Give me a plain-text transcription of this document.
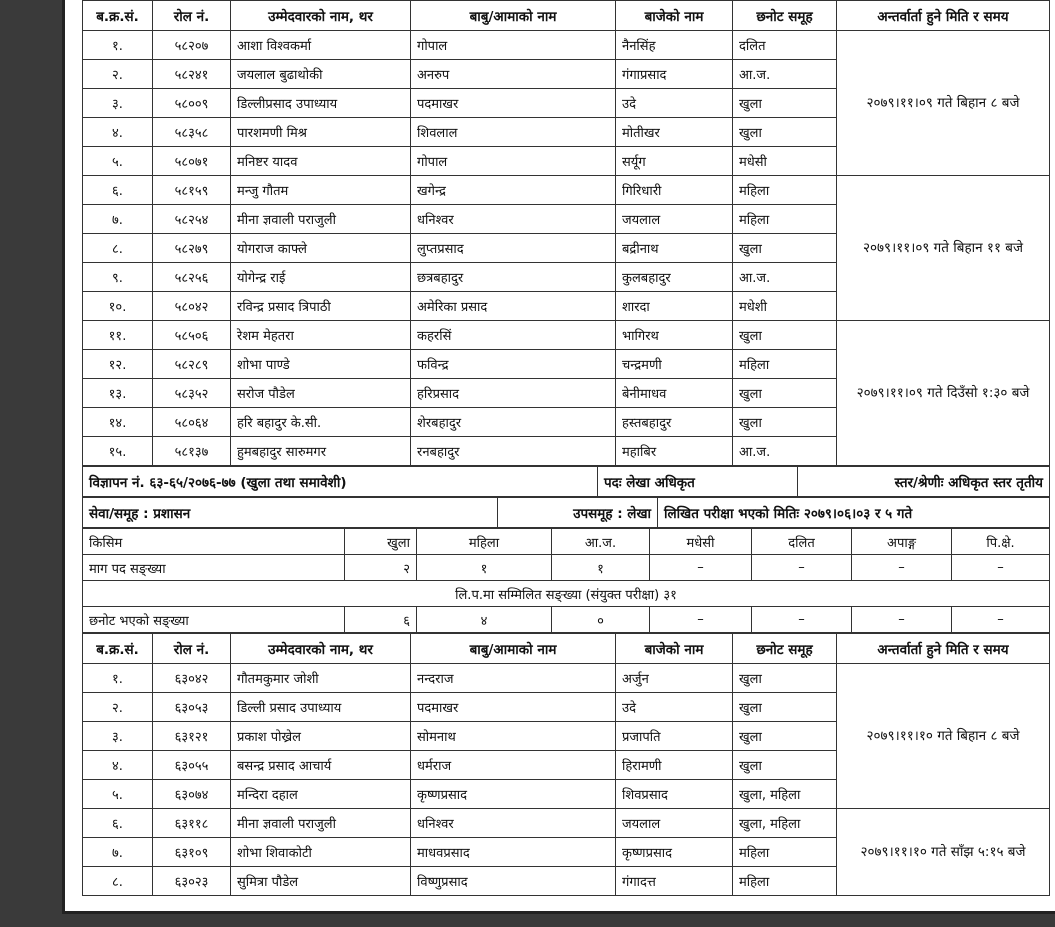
ब.क्र.सं.	रोल नं.	उम्मेदवारको नाम, थर	बाबु/आमाको नाम	बाजेको नाम	छनोट समूह	अन्तर्वार्ता हुने मिति र समय
१.	५८२०७	आशा विश्वकर्मा	गोपाल	नैनसिंह	दलित	२०७९।११।०९ गते बिहान ८ बजे
२.	५८२४१	जयलाल बुढाथोकी	अनरुप	गंगाप्रसाद	आ.ज.	
३.	५८००९	डिल्लीप्रसाद उपाध्याय	पदमाखर	उदे	खुला	
४.	५८३५८	पारशमणी मिश्र	शिवलाल	मोतीखर	खुला	
५.	५८०७१	मनिष्टर यादव	गोपाल	सर्यूग	मधेसी	
६.	५८१५९	मन्जु गौतम	खगेन्द्र	गिरिधारी	महिला	२०७९।११।०९ गते बिहान ११ बजे
७.	५८२५४	मीना ज्ञवाली पराजुली	धनिश्वर	जयलाल	महिला	
८.	५८२७९	योगराज काफ्ले	लुप्तप्रसाद	बद्रीनाथ	खुला	
९.	५८२५६	योगेन्द्र राई	छत्रबहादुर	कुलबहादुर	आ.ज.	
१०.	५८०४२	रविन्द्र प्रसाद त्रिपाठी	अमेरिका प्रसाद	शारदा	मधेशी	
११.	५८५०६	रेशम मेहतरा	कहरसिं	भागिरथ	खुला	२०७९।११।०९ गते दिउँसो १:३० बजे
१२.	५८२८९	शोभा पाण्डे	फविन्द्र	चन्द्रमणी	महिला	
१३.	५८३५२	सरोज पौडेल	हरिप्रसाद	बेनीमाधव	खुला	
१४.	५८०६४	हरि बहादुर के.सी.	शेरबहादुर	हस्तबहादुर	खुला	
१५.	५८१३७	हुमबहादुर सारुमगर	रनबहादुर	महाबिर	आ.ज.	
विज्ञापन नं. ६३-६५/२०७६-७७ (खुला तथा समावेशी)	पदः लेखा अधिकृत	स्तर/श्रेणीः अधिकृत स्तर तृतीय
सेवा/समूह : प्रशासन	उपसमूह : लेखा	लिखित परीक्षा भएको मितिः २०७९।०६।०३ र ५ गते
किसिम	खुला	महिला	आ.ज.	मधेसी	दलित	अपाङ्ग	पि.क्षे.
माग पद सङ्ख्या	२	१	१	–	–	–	–
लि.प.मा सम्मिलित सङ्ख्या (संयुक्त परीक्षा) ३१							
छनोट भएको सङ्ख्या	६	४	०	–	–	–	–
ब.क्र.सं.	रोल नं.	उम्मेदवारको नाम, थर	बाबु/आमाको नाम	बाजेको नाम	छनोट समूह	अन्तर्वार्ता हुने मिति र समय
१.	६३०४२	गौतमकुमार जोशी	नन्दराज	अर्जुन	खुला	२०७९।११।१० गते बिहान ८ बजे
२.	६३०५३	डिल्ली प्रसाद उपाध्याय	पदमाखर	उदे	खुला	
३.	६३१२१	प्रकाश पोख्रेल	सोमनाथ	प्रजापति	खुला	
४.	६३०५५	बसन्द्र प्रसाद आचार्य	धर्मराज	हिरामणी	खुला	
५.	६३०७४	मन्दिरा दहाल	कृष्णप्रसाद	शिवप्रसाद	खुला, महिला	
६.	६३११८	मीना ज्ञवाली पराजुली	धनिश्वर	जयलाल	खुला, महिला	२०७९।११।१० गते साँझ ५:१५ बजे
७.	६३१०९	शोभा शिवाकोटी	माधवप्रसाद	कृष्णप्रसाद	महिला	
८.	६३०२३	सुमित्रा पौडेल	विष्णुप्रसाद	गंगादत्त	महिला	
